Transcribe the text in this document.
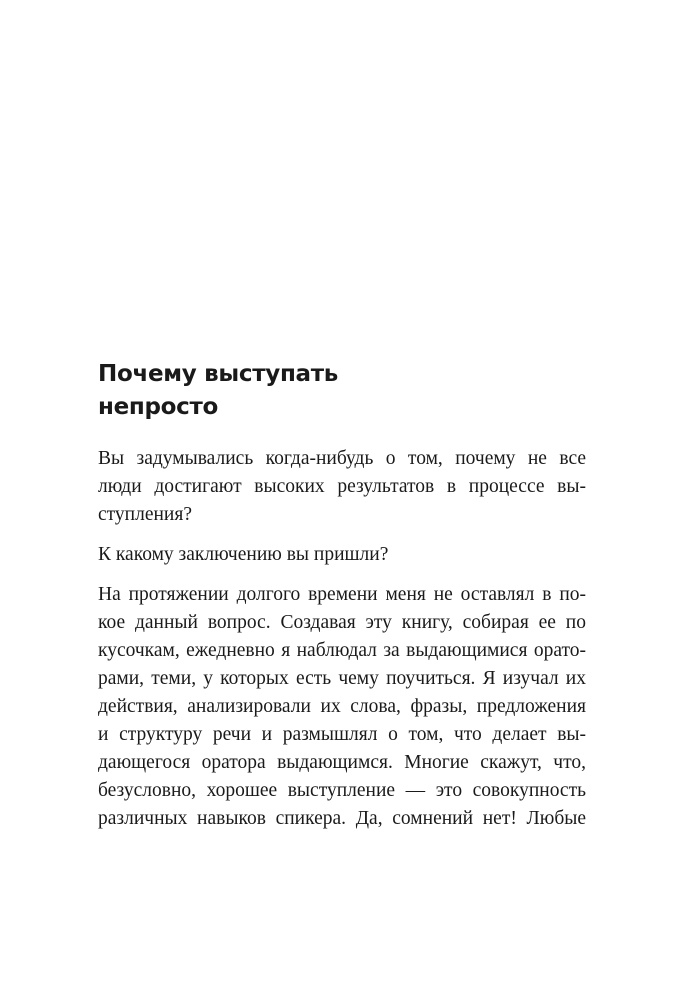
Почему выступать
непросто

Вы задумывались когда-нибудь о том, почему не все
люди достигают высоких результатов в процессе вы-
ступления?

К какому заключению вы пришли?

На протяжении долгого времени меня не оставлял в по-
кое данный вопрос. Создавая эту книгу, собирая ее по
кусочкам, ежедневно я наблюдал за выдающимися орато-
рами, теми, у которых есть чему поучиться. Я изучал их
действия, анализировали их слова, фразы, предложения
и структуру речи и размышлял о том, что делает вы-
дающегося оратора выдающимся. Многие скажут, что,
безусловно, хорошее выступление — это совокупность
различных навыков спикера. Да, сомнений нет! Любые
